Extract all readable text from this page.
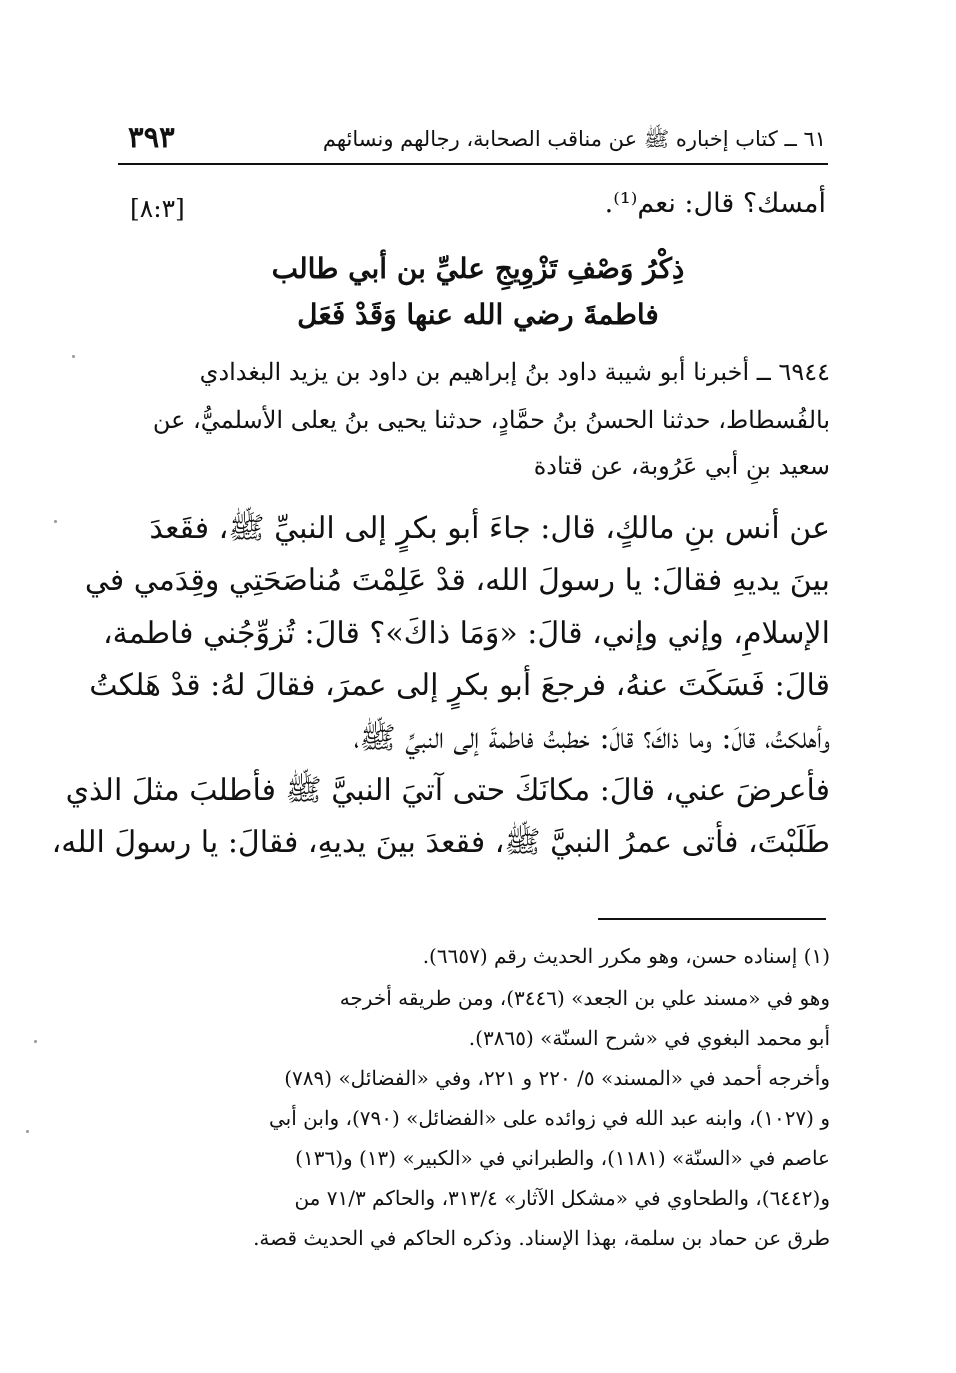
٦١ ــ كتاب إخباره ﷺ عن مناقب الصحابة، رجالهم ونسائهم
٣٩٣
أمسك؟ قال: نعم⁽¹⁾.
[٨:٣]
ذِكْرُ وَصْفِ تَزْوِيجِ عليِّ بن أبي طالب
فاطمةَ رضي الله عنها وَقَدْ فَعَل
٦٩٤٤ ــ أخبرنا أبو شيبة داود بنُ إبراهيم بن داود بن يزيد البغدادي
بالفُسطاط، حدثنا الحسنُ بنُ حمَّادٍ، حدثنا يحيى بنُ يعلى الأسلميُّ، عن
سعيد بنِ أبي عَرُوبة، عن قتادة
عن أنس بنِ مالكٍ، قال: جاءَ أبو بكرٍ إلى النبيِّ ﷺ، فقَعدَ
بينَ يديهِ فقالَ: يا رسولَ الله، قدْ عَلِمْتَ مُناصَحَتِي وقِدَمي في
الإسلامِ، وإني وإني، قالَ: «وَمَا ذاكَ»؟ قالَ: تُزوِّجُني فاطمة،
قالَ: فَسَكَتَ عنهُ، فرجعَ أبو بكرٍ إلى عمرَ، فقالَ لهُ: قدْ هَلكتُ
وأهلكتُ، قالَ: وما ذاكَ؟ قالَ: خطبتُ فاطمةَ إلى النبيِّ ﷺ،
فأعرضَ عني، قالَ: مكانَكَ حتى آتيَ النبيَّ ﷺ فأطلبَ مثلَ الذي
طَلَبْتَ، فأتى عمرُ النبيَّ ﷺ، فقعدَ بينَ يديهِ، فقالَ: يا رسولَ الله،
(١) إسناده حسن، وهو مكرر الحديث رقم (٦٦٥٧).
وهو في «مسند علي بن الجعد» (٣٤٤٦)، ومن طريقه أخرجه
أبو محمد البغوي في «شرح السنّة» (٣٨٦٥).
وأخرجه أحمد في «المسند» ٥/ ٢٢٠ و ٢٢١، وفي «الفضائل» (٧٨٩)
و (١٠٢٧)، وابنه عبد الله في زوائده على «الفضائل» (٧٩٠)، وابن أبي
عاصم في «السنّة» (١١٨١)، والطبراني في «الكبير» (١٣) و(١٣٦)
و(٦٤٤٢)، والطحاوي في «مشكل الآثار» ٣١٣/٤، والحاكم ٧١/٣ من
طرق عن حماد بن سلمة، بهذا الإسناد. وذكره الحاكم في الحديث قصة.
